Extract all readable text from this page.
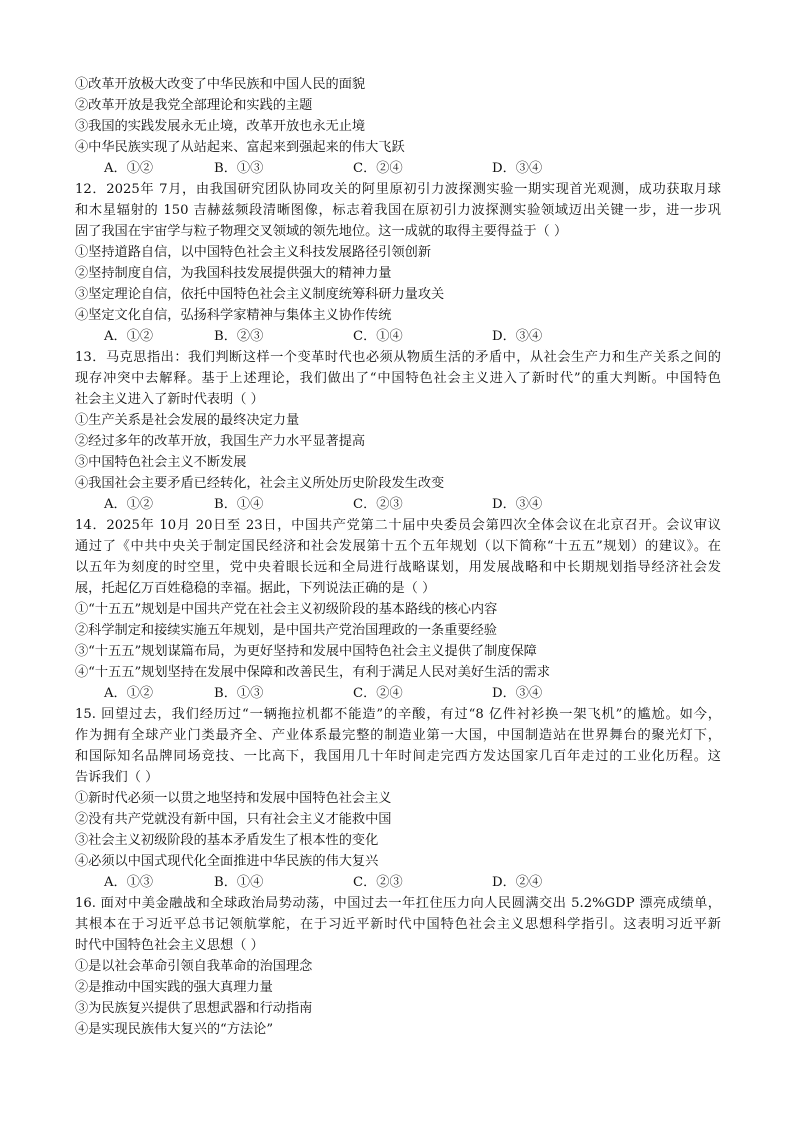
①改革开放极大改变了中华民族和中国人民的面貌
②改革开放是我党全部理论和实践的主题
③我国的实践发展永无止境，改革开放也永无止境
④中华民族实现了从站起来、富起来到强起来的伟大飞跃
A．①②	B．①③	C．②④	D．③④
12．2025年 7月，由我国研究团队协同攻关的阿里原初引力波探测实验一期实现首光观测，成功获取月球
和木星辐射的 150 吉赫兹频段清晰图像，标志着我国在原初引力波探测实验领域迈出关键一步，进一步巩
固了我国在宇宙学与粒子物理交叉领域的领先地位。这一成就的取得主要得益于（ ）
①坚持道路自信，以中国特色社会主义科技发展路径引领创新
②坚持制度自信，为我国科技发展提供强大的精神力量
③坚定理论自信，依托中国特色社会主义制度统筹科研力量攻关
④坚定文化自信，弘扬科学家精神与集体主义协作传统
A．①②	B．②③	C．①④	D．③④
13．马克思指出：我们判断这样一个变革时代也必须从物质生活的矛盾中，从社会生产力和生产关系之间的
现存冲突中去解释。基于上述理论，我们做出了“中国特色社会主义进入了新时代”的重大判断。中国特色
社会主义进入了新时代表明（ ）
①生产关系是社会发展的最终决定力量
②经过多年的改革开放，我国生产力水平显著提高
③中国特色社会主义不断发展
④我国社会主要矛盾已经转化，社会主义所处历史阶段发生改变
A．①②	B．①④	C．②③	D．③④
14．2025年 10月 20日至 23日，中国共产党第二十届中央委员会第四次全体会议在北京召开。会议审议
通过了《中共中央关于制定国民经济和社会发展第十五个五年规划（以下简称“十五五”规划）的建议》。在
以五年为刻度的时空里，党中央着眼长远和全局进行战略谋划，用发展战略和中长期规划指导经济社会发
展，托起亿万百姓稳稳的幸福。据此，下列说法正确的是（ ）
①“十五五”规划是中国共产党在社会主义初级阶段的基本路线的核心内容
②科学制定和接续实施五年规划，是中国共产党治国理政的一条重要经验
③“十五五”规划谋篇布局，为更好坚持和发展中国特色社会主义提供了制度保障
④“十五五”规划坚持在发展中保障和改善民生，有利于满足人民对美好生活的需求
A．①②	B．①③	C．②④	D．③④
15. 回望过去，我们经历过“一辆拖拉机都不能造”的辛酸，有过“8 亿件衬衫换一架飞机”的尴尬。如今，
作为拥有全球产业门类最齐全、产业体系最完整的制造业第一大国，中国制造站在世界舞台的聚光灯下，
和国际知名品牌同场竞技、一比高下，我国用几十年时间走完西方发达国家几百年走过的工业化历程。这
告诉我们（ ）
①新时代必须一以贯之地坚持和发展中国特色社会主义
②没有共产党就没有新中国，只有社会主义才能救中国
③社会主义初级阶段的基本矛盾发生了根本性的变化
④必须以中国式现代化全面推进中华民族的伟大复兴
A．①③	B．①④	C．②③	D．②④
16. 面对中美金融战和全球政治局势动荡，中国过去一年扛住压力向人民圆满交出 5.2%GDP 漂亮成绩单，
其根本在于习近平总书记领航掌舵，在于习近平新时代中国特色社会主义思想科学指引。这表明习近平新
时代中国特色社会主义思想（ ）
①是以社会革命引领自我革命的治国理念
②是推动中国实践的强大真理力量
③为民族复兴提供了思想武器和行动指南
④是实现民族伟大复兴的“方法论”
